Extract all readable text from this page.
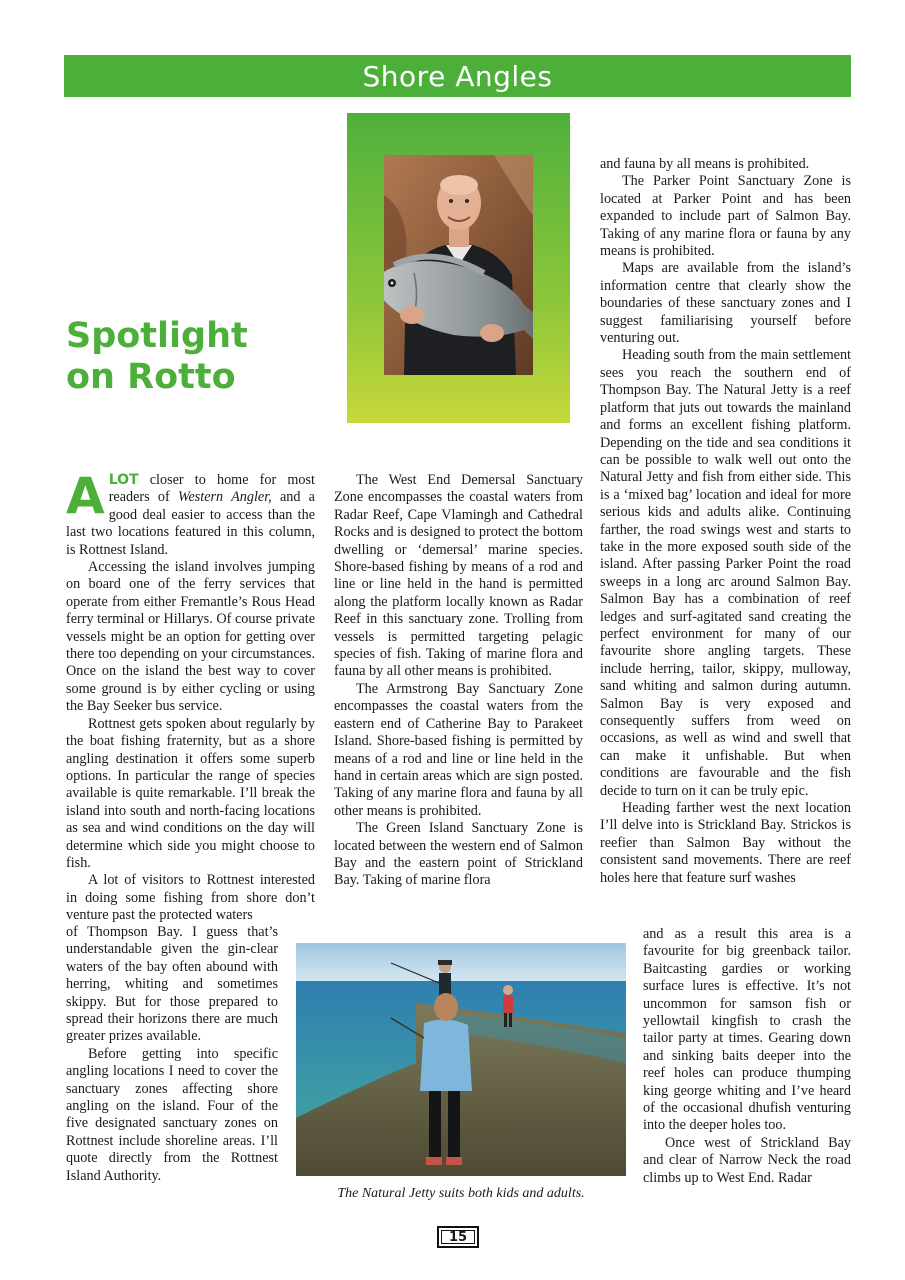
Shore Angles
Spotlight on Rotto

ALOT closer to home for most readers of Western Angler, and a good deal easier to access than the last two locations featured in this column, is Rottnest Island.

Accessing the island involves jumping on board one of the ferry services that operate from either Fremantle’s Rous Head ferry terminal or Hillarys. Of course private vessels might be an option for getting over there too depending on your circumstances. Once on the island the best way to cover some ground is by either cycling or using the Bay Seeker bus service.

Rottnest gets spoken about regularly by the boat fishing fraternity, but as a shore angling destination it offers some superb options. In particular the range of species available is quite remarkable. I’ll break the island into south and north-facing locations as sea and wind conditions on the day will determine which side you might choose to fish.

A lot of visitors to Rottnest interested in doing some fishing from shore don’t venture past the protected waters

of Thompson Bay. I guess that’s understandable given the gin-clear waters of the bay often abound with herring, whiting and sometimes skippy. But for those prepared to spread their horizons there are much greater prizes available.

Before getting into specific angling locations I need to cover the sanctuary zones affecting shore angling on the island. Four of the five designated sanctuary zones on Rottnest include shoreline areas. I’ll quote directly from the Rottnest Island Authority.

The West End Demersal Sanctuary Zone encompasses the coastal waters from Radar Reef, Cape Vlamingh and Cathedral Rocks and is designed to protect the bottom dwelling or ‘demersal’ marine species. Shore-based fishing by means of a rod and line or line held in the hand is permitted along the platform locally known as Radar Reef in this sanctuary zone. Trolling from vessels is permitted targeting pelagic species of fish. Taking of marine flora and fauna by all other means is prohibited.

The Armstrong Bay Sanctuary Zone encompasses the coastal waters from the eastern end of Catherine Bay to Parakeet Island. Shore-based fishing is permitted by means of a rod and line or line held in the hand in certain areas which are sign posted. Taking of any marine flora and fauna by all other means is prohibited.

The Green Island Sanctuary Zone is located between the western end of Salmon Bay and the eastern point of Strickland Bay. Taking of marine flora

and fauna by all means is prohibited.

The Parker Point Sanctuary Zone is located at Parker Point and has been expanded to include part of Salmon Bay. Taking of any marine flora or fauna by any means is prohibited.

Maps are available from the island’s information centre that clearly show the boundaries of these sanctuary zones and I suggest familiarising yourself before venturing out.

Heading south from the main settlement sees you reach the southern end of Thompson Bay. The Natural Jetty is a reef platform that juts out towards the mainland and forms an excellent fishing platform. Depending on the tide and sea conditions it can be possible to walk well out onto the Natural Jetty and fish from either side. This is a ‘mixed bag’ location and ideal for more serious kids and adults alike. Continuing farther, the road swings west and starts to take in the more exposed south side of the island. After passing Parker Point the road sweeps in a long arc around Salmon Bay. Salmon Bay has a combination of reef ledges and surf-agitated sand creating the perfect environment for many of our favourite shore angling targets. These include herring, tailor, skippy, mulloway, sand whiting and salmon during autumn. Salmon Bay is very exposed and consequently suffers from weed on occasions, as well as wind and swell that can make it unfishable. But when conditions are favourable and the fish decide to turn on it can be truly epic.

Heading farther west the next location I’ll delve into is Strickland Bay. Strickos is reefier than Salmon Bay without the consistent sand movements. There are reef holes here that feature surf washes

and as a result this area is a favourite for big greenback tailor. Baitcasting gardies or working surface lures is effective. It’s not uncommon for samson fish or yellowtail kingfish to crash the tailor party at times. Gearing down and sinking baits deeper into the reef holes can produce thumping king george whiting and I’ve heard of the occasional dhufish venturing into the deeper holes too.

Once west of Strickland Bay and clear of Narrow Neck the road climbs up to West End. Radar

The Natural Jetty suits both kids and adults.
15
